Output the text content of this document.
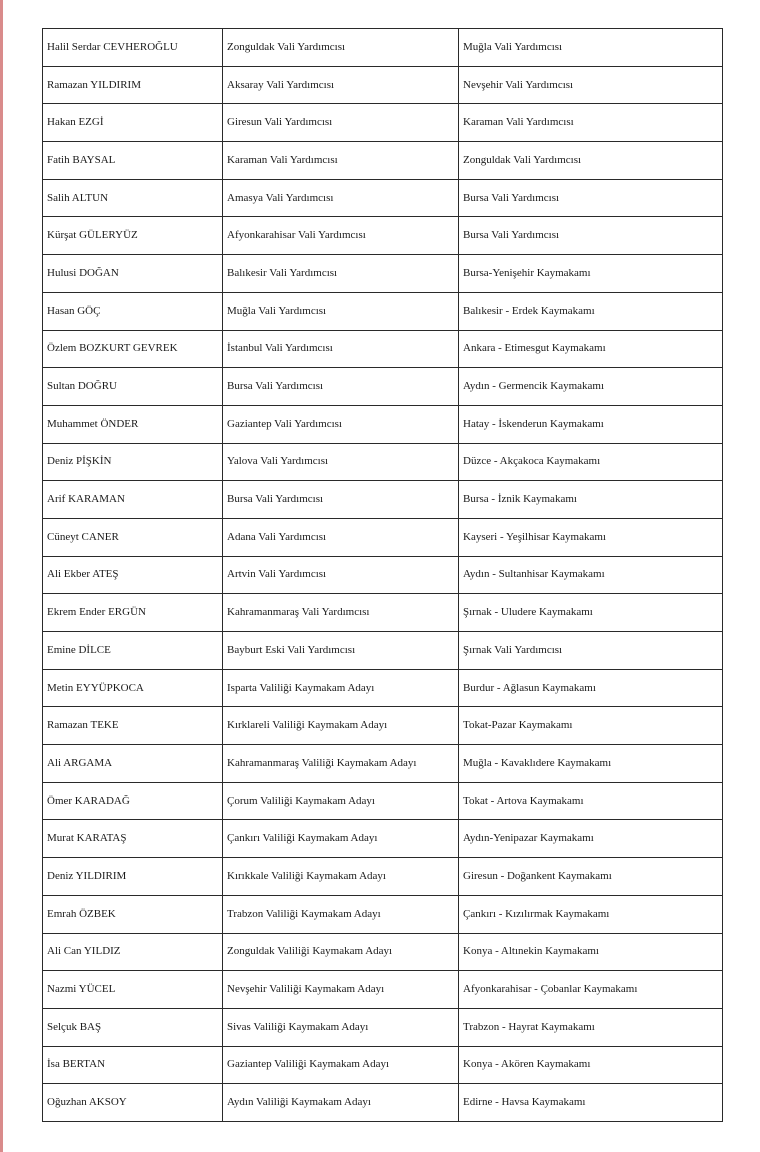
Halil Serdar CEVHEROĞLU	Zonguldak Vali Yardımcısı	Muğla Vali Yardımcısı
Ramazan YILDIRIM	Aksaray Vali Yardımcısı	Nevşehir Vali Yardımcısı
Hakan EZGİ	Giresun Vali Yardımcısı	Karaman Vali Yardımcısı
Fatih BAYSAL	Karaman Vali Yardımcısı	Zonguldak Vali Yardımcısı
Salih ALTUN	Amasya Vali Yardımcısı	Bursa Vali Yardımcısı
Kürşat GÜLERYÜZ	Afyonkarahisar Vali Yardımcısı	Bursa Vali Yardımcısı
Hulusi DOĞAN	Balıkesir Vali Yardımcısı	Bursa-Yenişehir Kaymakamı
Hasan GÖÇ	Muğla Vali Yardımcısı	Balıkesir - Erdek Kaymakamı
Özlem BOZKURT GEVREK	İstanbul Vali Yardımcısı	Ankara - Etimesgut Kaymakamı
Sultan DOĞRU	Bursa Vali Yardımcısı	Aydın - Germencik Kaymakamı
Muhammet ÖNDER	Gaziantep Vali Yardımcısı	Hatay - İskenderun Kaymakamı
Deniz PİŞKİN	Yalova Vali Yardımcısı	Düzce - Akçakoca Kaymakamı
Arif KARAMAN	Bursa Vali Yardımcısı	Bursa - İznik Kaymakamı
Cüneyt CANER	Adana Vali Yardımcısı	Kayseri - Yeşilhisar Kaymakamı
Ali Ekber ATEŞ	Artvin Vali Yardımcısı	Aydın - Sultanhisar Kaymakamı
Ekrem Ender ERGÜN	Kahramanmaraş Vali Yardımcısı	Şırnak - Uludere Kaymakamı
Emine DİLCE	Bayburt Eski Vali Yardımcısı	Şırnak Vali Yardımcısı
Metin EYYÜPKOCA	Isparta Valiliği Kaymakam Adayı	Burdur - Ağlasun Kaymakamı
Ramazan TEKE	Kırklareli Valiliği Kaymakam Adayı	Tokat-Pazar Kaymakamı
Ali ARGAMA	Kahramanmaraş Valiliği Kaymakam Adayı	Muğla - Kavaklıdere Kaymakamı
Ömer KARADAĞ	Çorum Valiliği Kaymakam Adayı	Tokat - Artova Kaymakamı
Murat KARATAŞ	Çankırı Valiliği Kaymakam Adayı	Aydın-Yenipazar Kaymakamı
Deniz YILDIRIM	Kırıkkale Valiliği Kaymakam Adayı	Giresun - Doğankent Kaymakamı
Emrah ÖZBEK	Trabzon Valiliği Kaymakam Adayı	Çankırı - Kızılırmak Kaymakamı
Ali Can YILDIZ	Zonguldak Valiliği Kaymakam Adayı	Konya - Altınekin Kaymakamı
Nazmi YÜCEL	Nevşehir Valiliği Kaymakam Adayı	Afyonkarahisar - Çobanlar Kaymakamı
Selçuk BAŞ	Sivas Valiliği Kaymakam Adayı	Trabzon - Hayrat Kaymakamı
İsa BERTAN	Gaziantep Valiliği Kaymakam Adayı	Konya - Akören Kaymakamı
Oğuzhan AKSOY	Aydın Valiliği Kaymakam Adayı	Edirne - Havsa Kaymakamı
